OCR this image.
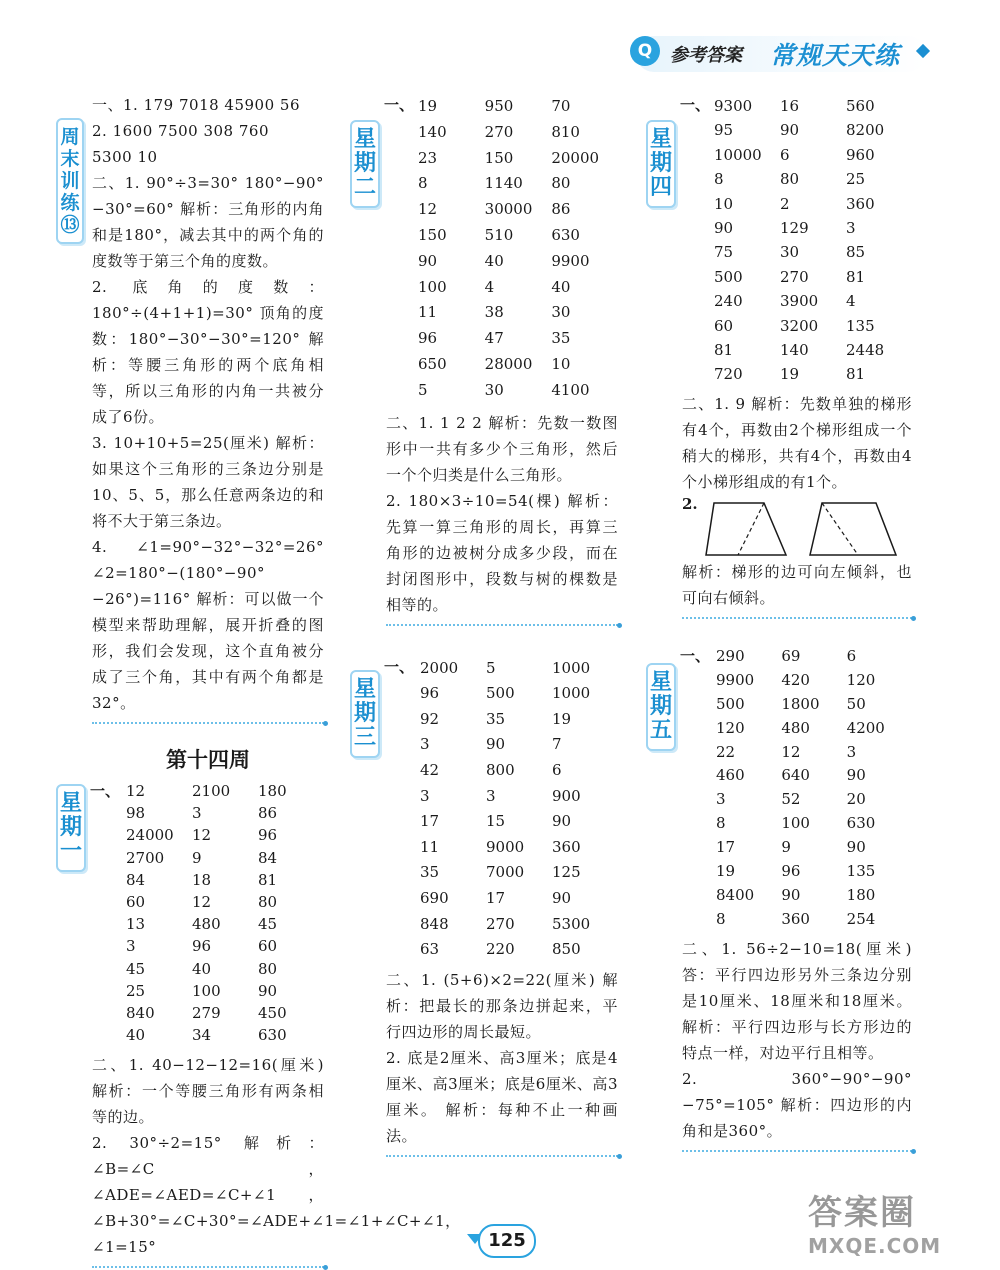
Q 参考答案 常规天天练
周末训练⑬

一、1. 179 7018 45900 56

2. 1600 7500 308 760

5300 10

二、1. 90°÷3=30° 180°−90°−30°=60° 解析：三角形的内角和是180°，减去其中的两个角的度数等于第三个角的度数。

2. 底角的度数：180°÷(4+1+1)=30° 顶角的度数：180°−30°−30°=120° 解析：等腰三角形的两个底角相等，所以三角形的内角一共被分成了6份。

3. 10+10+5=25(厘米) 解析：如果这个三角形的三条边分别是10、5、5，那么任意两条边的和将不大于第三条边。

4. ∠1=90°−32°−32°=26° ∠2=180°−(180°−90°−26°)=116° 解析：可以做一个模型来帮助理解，展开折叠的图形，我们会发现，这个直角被分成了三个角，其中有两个角都是32°。

第十四周

星期一
一、 12	2100	180
98	3	86
24000	12	96
2700	9	84
84	18	81
60	12	80
13	480	45
3	96	60
45	40	80
25	100	90
840	279	450
40	34	630

二、1. 40−12−12=16(厘米) 解析：一个等腰三角形有两条相等的边。

2. 30°÷2=15° 解析：∠B=∠C，∠ADE=∠AED=∠C+∠1，∠B+30°=∠C+30°=∠ADE+∠1=∠1+∠C+∠1，∠1=15°

星期二
一、 19	950	70
140	270	810
23	150	20000
8	1140	80
12	30000	86
150	510	630
90	40	9900
100	4	40
11	38	30
96	47	35
650	28000	10
5	30	4100

二、1. 1 2 2 解析：先数一数图形中一共有多少个三角形，然后一个个归类是什么三角形。

2. 180×3÷10=54(棵) 解析：先算一算三角形的周长，再算三角形的边被树分成多少段，而在封闭图形中，段数与树的棵数是相等的。

星期三
一、 2000	5	1000
96	500	1000
92	35	19
3	90	7
42	800	6
3	3	900
17	15	90
11	9000	360
35	7000	125
690	17	90
848	270	5300
63	220	850

二、1. (5+6)×2=22(厘米) 解析：把最长的那条边拼起来，平行四边形的周长最短。

2. 底是2厘米、高3厘米；底是4厘米、高3厘米；底是6厘米、高3厘米。 解析：每种不止一种画法。

星期四
一、 9300	16	560
95	90	8200
10000	6	960
8	80	25
10	2	360
90	129	3
75	30	85
500	270	81
240	3900	4
60	3200	135
81	140	2448
720	19	81

二、1. 9 解析：先数单独的梯形有4个，再数由2个梯形组成一个稍大的梯形，共有4个，再数由4个小梯形组成的有1个。

2.

解析：梯形的边可向左倾斜，也可向右倾斜。

星期五
一、 290	69	6
9900	420	120
500	1800	50
120	480	4200
22	12	3
460	640	90
3	52	20
8	100	630
17	9	90
19	96	135
8400	90	180
8	360	254

二、1. 56÷2−10=18(厘米) 答：平行四边形另外三条边分别是10厘米、18厘米和18厘米。 解析：平行四边形与长方形边的特点一样，对边平行且相等。

2. 360°−90°−90°−75°=105° 解析：四边形的内角和是360°。

125
答案圈
MXQE.COM
